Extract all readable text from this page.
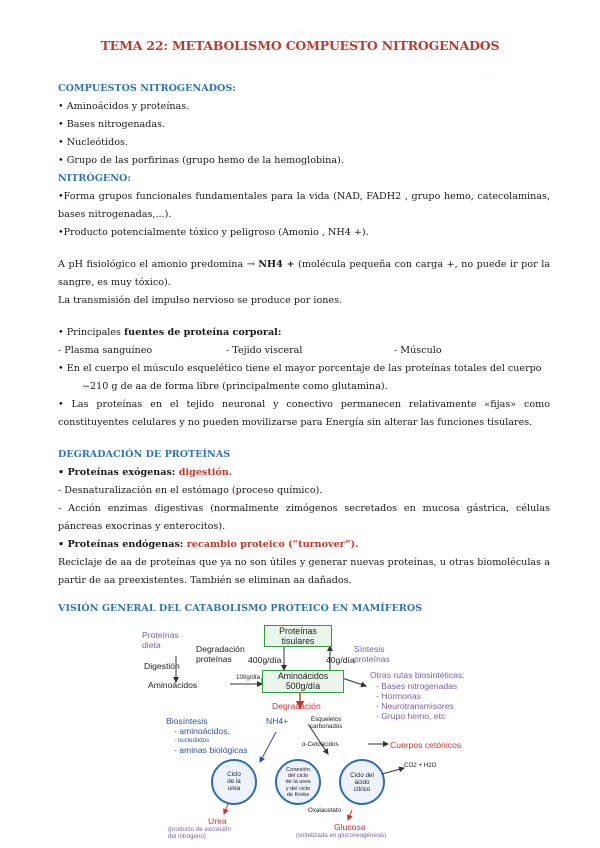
TEMA 22: METABOLISMO COMPUESTO NITROGENADOS
COMPUESTOS NITROGENADOS:

• Aminoácidos y proteínas.

• Bases nitrogenadas.

• Nucleótidos.

• Grupo de las porfirinas (grupo hemo de la hemoglobina).

NITRÓGENO:

•Forma grupos funcionales fundamentales para la vida (NAD, FADH2 , grupo hemo, catecolaminas, bases nitrogenadas,...).

•Producto potencialmente tóxico y peligroso (Amonio , NH4 +).

A pH fisiológico el amonio predomina → NH4 + (molécula pequeña con carga +, no puede ir por la sangre, es muy tóxico).

La transmisión del impulso nervioso se produce por iones.

• Principales fuentes de proteína corporal:

- Plasma sanguíneo	- Tejido visceral	- Músculo

• En el cuerpo el músculo esquelético tiene el mayor porcentaje de las proteínas totales del cuerpo

~210 g de aa de forma libre (principalmente como glutamina).

• Las proteínas en el tejido neuronal y conectivo permanecen relativamente «fijas» como constituyentes celulares y no pueden movilizarse para Energía sin alterar las funciones tisulares.

DEGRADACIÓN DE PROTEÍNAS

• Proteínas exógenas: digestión.

- Desnaturalización en el estómago (proceso químico).

- Acción enzimas digestivas (normalmente zimógenos secretados en mucosa gástrica, células páncreas exocrinas y enterocitos).

• Proteínas endógenas: recambio proteico (“turnover”).

Reciclaje de aa de proteínas que ya no son útiles y generar nuevas proteínas, u otras biomoléculas a partir de aa preexistentes. También se eliminan aa dañados.

VISIÓN GENERAL DEL CATABOLISMO PROTEICO EN MAMÍFEROS
Proteínas
dieta	Degradación
proteínas
Proteínas
tisulares
Síntesis
proteínas
400g/día	40g/día
Digestión
100g/día
Aminoácidos
Aminoácidos
500g/día
Otras rutas biosintéticas:
- Bases nitrogenadas
- Hormonas
- Neurotransmisores
- Grupo hemo, etc
Degradación
NH4+	Esqueletos
carbonados
Biosíntesis
- aminoácidos,
- nucleótidos
- aminas biológicas
α-Cetoácidos	Cuerpos cetónicos
Ciclo
de la
urea
Conexión
del ciclo
de la urea
y del ciclo
de Krebs
Ciclo del
ácido
cítrico
CO2 + H2O
Oxalacetato
Urea
(producto de excreción
del nitrógeno)
Glucosa
(sintetizada en gluconeogénesis)
